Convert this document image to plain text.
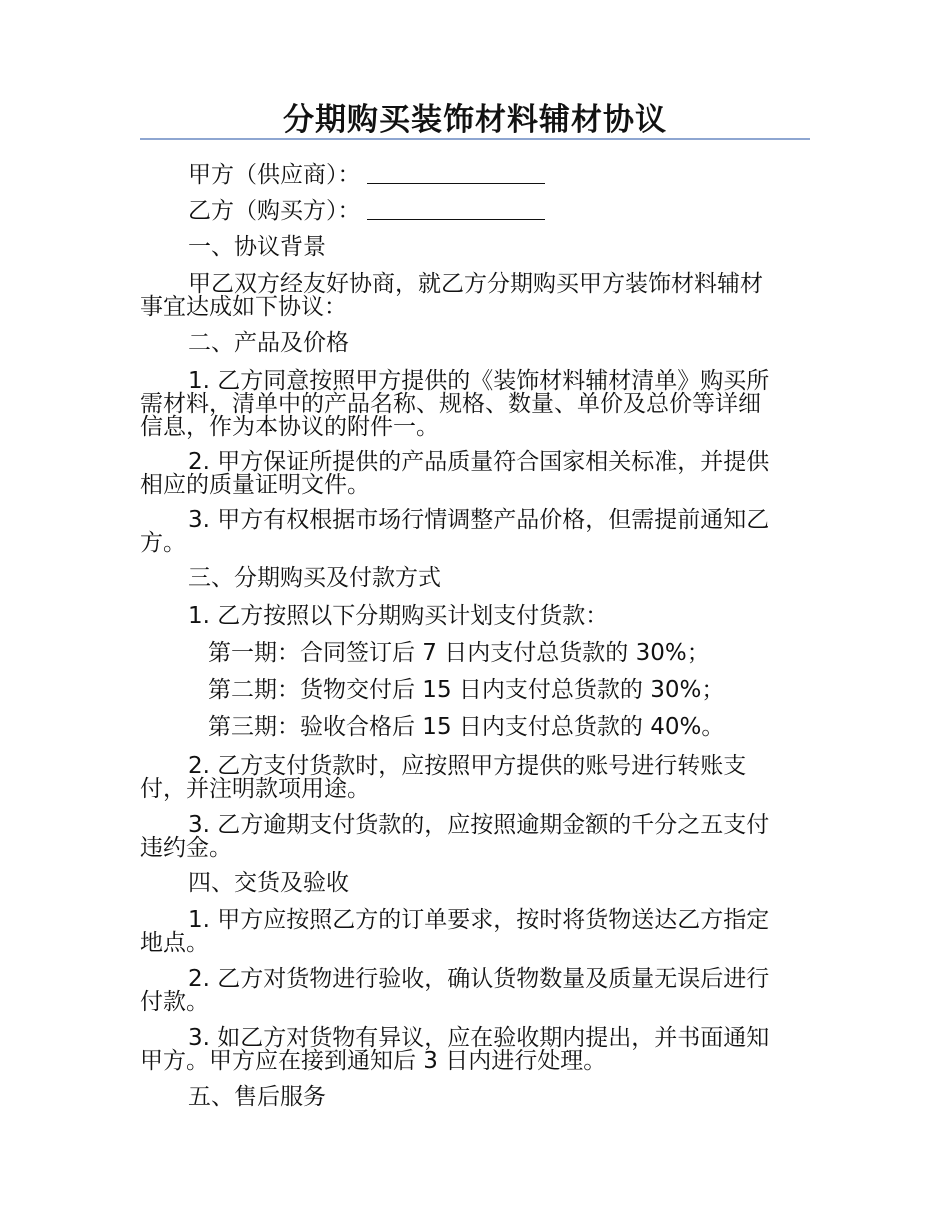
分期购买装饰材料辅材协议
甲方（供应商）：
乙方（购买方）：
一、协议背景
甲乙双方经友好协商，就乙方分期购买甲方装饰材料辅材
事宜达成如下协议：
二、产品及价格
1. 乙方同意按照甲方提供的《装饰材料辅材清单》购买所
需材料，清单中的产品名称、规格、数量、单价及总价等详细
信息，作为本协议的附件一。
2. 甲方保证所提供的产品质量符合国家相关标准，并提供
相应的质量证明文件。
3. 甲方有权根据市场行情调整产品价格，但需提前通知乙
方。
三、分期购买及付款方式
1. 乙方按照以下分期购买计划支付货款：
第一期：合同签订后 7 日内支付总货款的 30%；
第二期：货物交付后 15 日内支付总货款的 30%；
第三期：验收合格后 15 日内支付总货款的 40%。
2. 乙方支付货款时，应按照甲方提供的账号进行转账支
付，并注明款项用途。
3. 乙方逾期支付货款的，应按照逾期金额的千分之五支付
违约金。
四、交货及验收
1. 甲方应按照乙方的订单要求，按时将货物送达乙方指定
地点。
2. 乙方对货物进行验收，确认货物数量及质量无误后进行
付款。
3. 如乙方对货物有异议，应在验收期内提出，并书面通知
甲方。甲方应在接到通知后 3 日内进行处理。
五、售后服务
